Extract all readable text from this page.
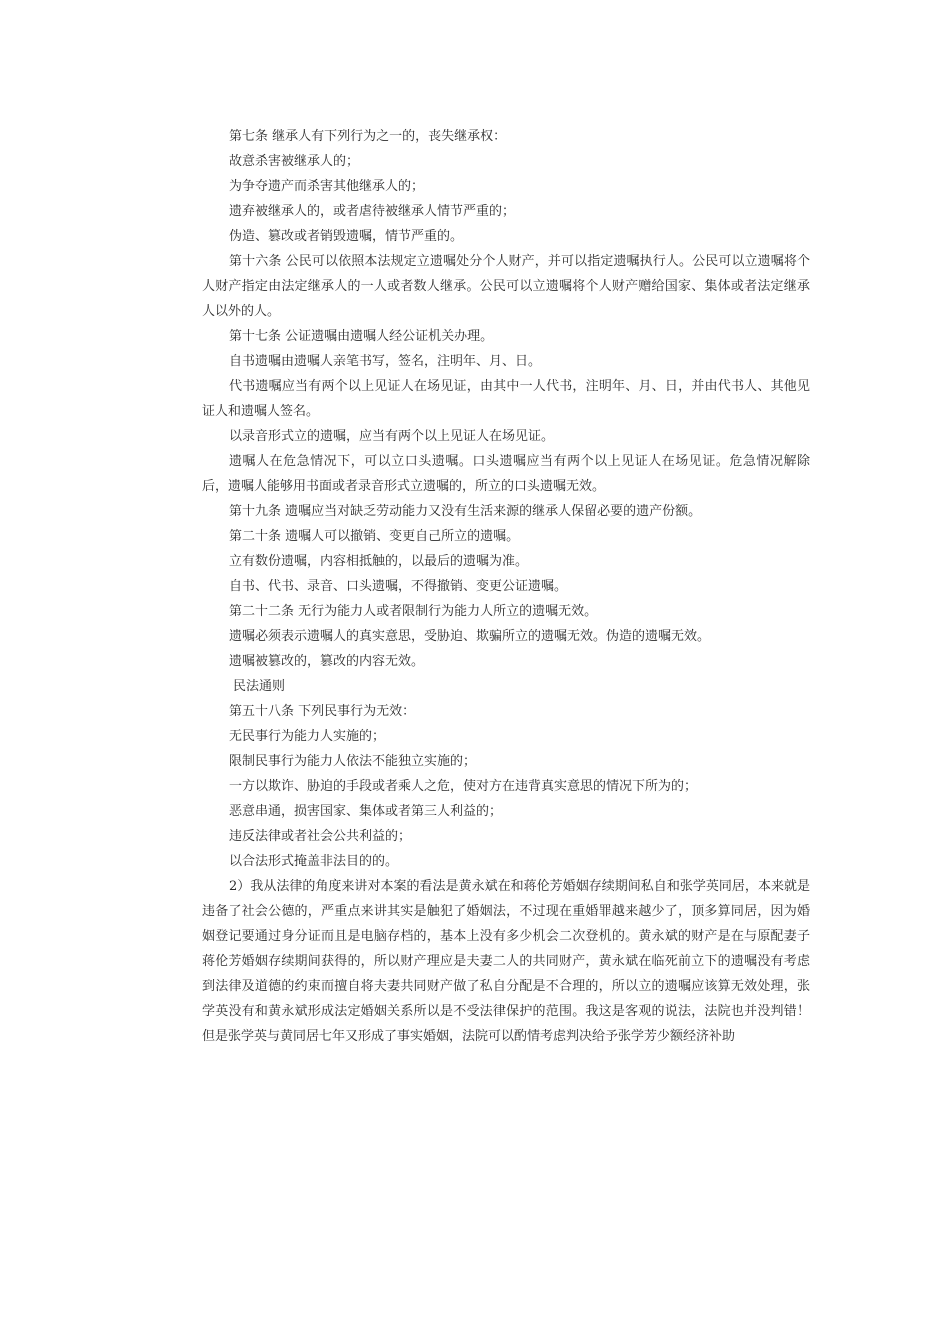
第七条 继承人有下列行为之一的，丧失继承权：

故意杀害被继承人的；

为争夺遗产而杀害其他继承人的；

遗弃被继承人的，或者虐待被继承人情节严重的；

伪造、篡改或者销毁遗嘱，情节严重的。

第十六条 公民可以依照本法规定立遗嘱处分个人财产，并可以指定遗嘱执行人。公民可以立遗嘱将个人财产指定由法定继承人的一人或者数人继承。公民可以立遗嘱将个人财产赠给国家、集体或者法定继承人以外的人。

第十七条 公证遗嘱由遗嘱人经公证机关办理。

自书遗嘱由遗嘱人亲笔书写，签名，注明年、月、日。

代书遗嘱应当有两个以上见证人在场见证，由其中一人代书，注明年、月、日，并由代书人、其他见证人和遗嘱人签名。

以录音形式立的遗嘱，应当有两个以上见证人在场见证。

遗嘱人在危急情况下，可以立口头遗嘱。口头遗嘱应当有两个以上见证人在场见证。危急情况解除后，遗嘱人能够用书面或者录音形式立遗嘱的，所立的口头遗嘱无效。

第十九条 遗嘱应当对缺乏劳动能力又没有生活来源的继承人保留必要的遗产份额。

第二十条 遗嘱人可以撤销、变更自己所立的遗嘱。

立有数份遗嘱，内容相抵触的，以最后的遗嘱为准。

自书、代书、录音、口头遗嘱，不得撤销、变更公证遗嘱。

第二十二条 无行为能力人或者限制行为能力人所立的遗嘱无效。

遗嘱必须表示遗嘱人的真实意思，受胁迫、欺骗所立的遗嘱无效。伪造的遗嘱无效。

遗嘱被篡改的，篡改的内容无效。

民法通则

第五十八条 下列民事行为无效：

无民事行为能力人实施的；

限制民事行为能力人依法不能独立实施的；

一方以欺诈、胁迫的手段或者乘人之危，使对方在违背真实意思的情况下所为的；

恶意串通，损害国家、集体或者第三人利益的；

违反法律或者社会公共利益的；

以合法形式掩盖非法目的的。

2）我从法律的角度来讲对本案的看法是黄永斌在和蒋伦芳婚姻存续期间私自和张学英同居，本来就是违备了社会公德的，严重点来讲其实是触犯了婚姻法，不过现在重婚罪越来越少了，顶多算同居，因为婚姻登记要通过身分证而且是电脑存档的，基本上没有多少机会二次登机的。黄永斌的财产是在与原配妻子蒋伦芳婚姻存续期间获得的，所以财产理应是夫妻二人的共同财产，黄永斌在临死前立下的遗嘱没有考虑到法律及道德的约束而擅自将夫妻共同财产做了私自分配是不合理的，所以立的遗嘱应该算无效处理，张学英没有和黄永斌形成法定婚姻关系所以是不受法律保护的范围。我这是客观的说法，法院也并没判错！但是张学英与黄同居七年又形成了事实婚姻，法院可以酌情考虑判决给予张学芳少额经济补助
